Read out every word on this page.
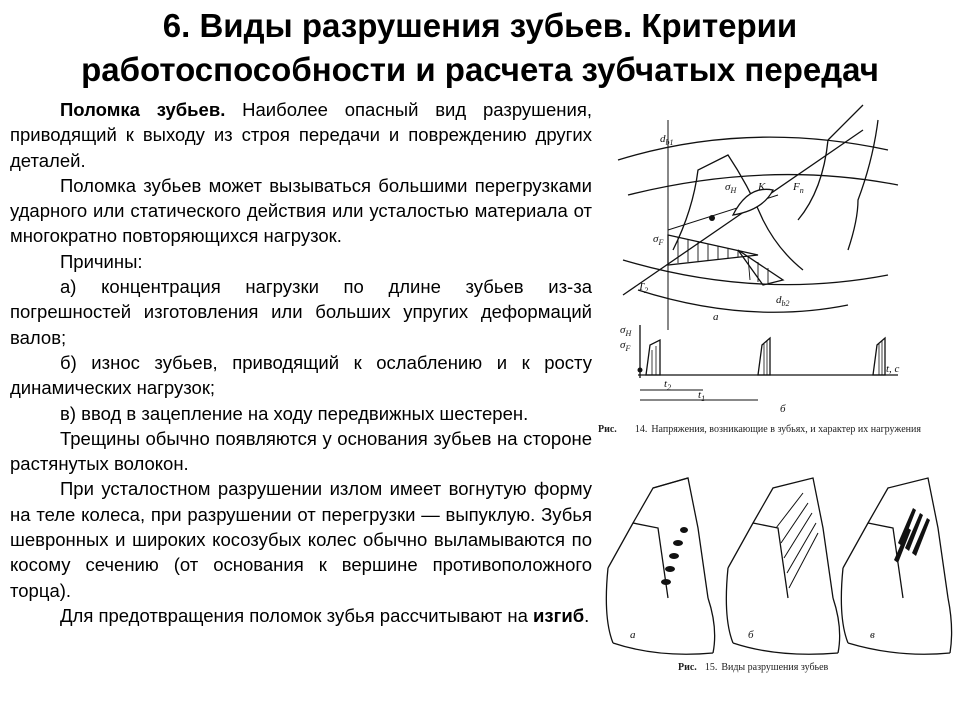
6. Виды разрушения зубьев. Критерии
работоспособности и расчета зубчатых передач

Поломка зубьев. Наиболее опасный вид разрушения, приводящий к выходу из строя передачи и повреждению других деталей.

Поломка зубьев может вызываться большими перегрузками ударного или статического действия или усталостью материала от многократно повторяющихся нагрузок.

Причины:

а) концентрация нагрузки по длине зубьев из-за погрешностей изготовления или больших упругих деформаций валов;

б) износ зубьев, приводящий к ослаблению и к росту динамических нагрузок;

в) ввод в зацепление на ходу передвижных шестерен.

Трещины обычно появляются у основания зубьев на стороне растянутых волокон.

При усталостном разрушении излом имеет вогнутую форму на теле колеса, при разрушении от перегрузки — выпуклую. Зубья шевронных и широких косозубых колес обычно выламываются по косому сечению (от основания к вершине противоположного торца).

Для предотвращения поломок зубья рассчитывают на изгиб.

$d_{b1}$
$\sigma_H$ K	$F_n$
$\sigma_F$
$T_2$
$d_{b2}$
a
$\sigma_H$
$\sigma_F$
t, c
$t_2$
$t_1$
б
Рис. 14. Напряжения, возникающие в зубьях, и характер их нагружения
а	б	в
Рис. 15. Виды разрушения зубьев
